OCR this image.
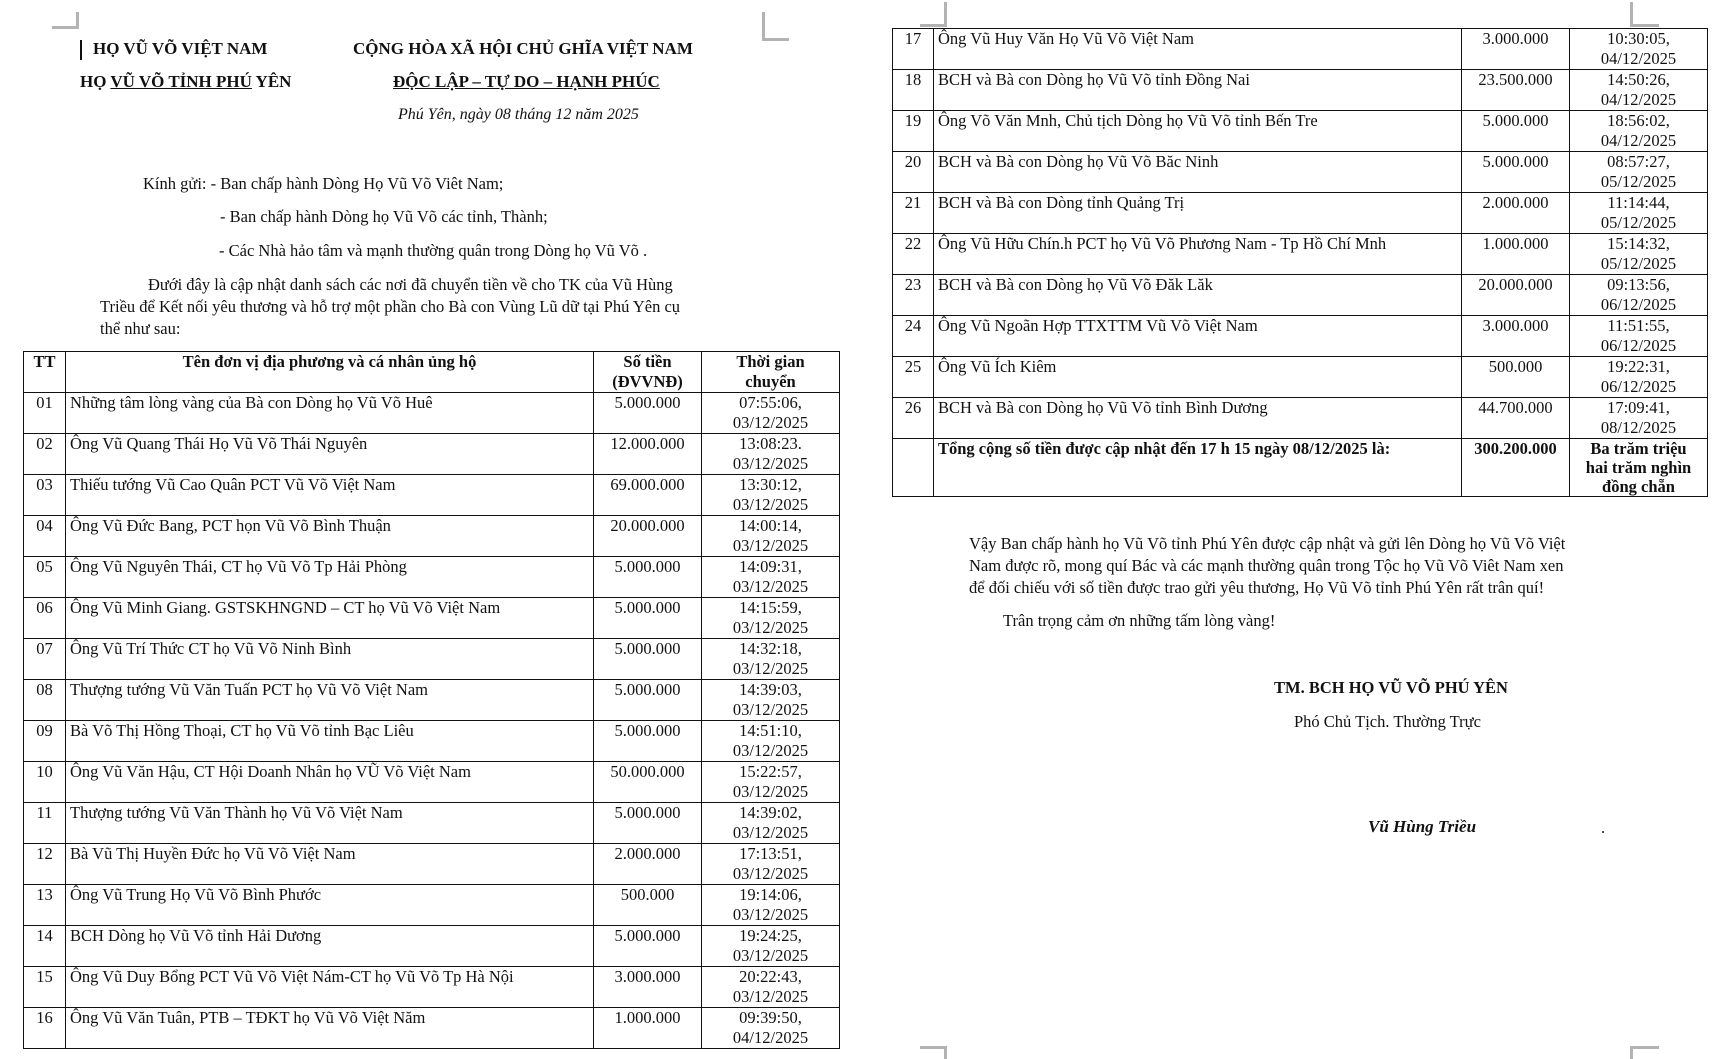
HỌ VŨ VÕ VIỆT NAM
HỌ VŨ VÕ TỈNH PHÚ YÊN
CỘNG HÒA XÃ HỘI CHỦ GHĨA VIỆT NAM
ĐỘC LẬP – TỰ DO – HẠNH PHÚC
Phú Yên, ngày 08 tháng 12 năm 2025
Kính gửi: - Ban chấp hành Dòng Họ Vũ Võ Viêt Nam;
- Ban chấp hành Dòng họ Vũ Võ các tỉnh, Thành;
- Các Nhà hảo tâm và mạnh thường quân trong Dòng họ Vũ Võ .
Đưới đây là cập nhật danh sách các nơi đã chuyển tiền về cho TK của Vũ Hùng
Triều để Kết nối yêu thương và hỗ trợ một phần cho Bà con Vùng Lũ dữ tại Phú Yên cụ
thể như sau:
TT	Tên đơn vị địa phương và cá nhân ủng hộ	Số tiền
(ĐVVNĐ)	Thời gian
chuyển
01	Những tâm lòng vàng của Bà con Dòng họ Vũ Võ Huê	5.000.000	07:55:06,
03/12/2025
02	Ông Vũ Quang Thái Họ Vũ Võ Thái Nguyên	12.000.000	13:08:23.
03/12/2025
03	Thiếu tướng Vũ Cao Quân PCT Vũ Võ Việt Nam	69.000.000	13:30:12,
03/12/2025
04	Ông Vũ Đức Bang, PCT họn Vũ Võ Bình Thuận	20.000.000	14:00:14,
03/12/2025
05	Ông Vũ Nguyên Thái, CT họ Vũ Võ Tp Hải Phòng	5.000.000	14:09:31,
03/12/2025
06	Ông Vũ Minh Giang. GSTSKHNGND – CT họ Vũ Võ Việt Nam	5.000.000	14:15:59,
03/12/2025
07	Ông Vũ Trí Thức CT họ Vũ Võ Ninh Bình	5.000.000	14:32:18,
03/12/2025
08	Thượng tướng Vũ Văn Tuấn PCT họ Vũ Võ Việt Nam	5.000.000	14:39:03,
03/12/2025
09	Bà Võ Thị Hồng Thoại, CT họ Vũ Võ tỉnh Bạc Liêu	5.000.000	14:51:10,
03/12/2025
10	Ông Vũ Văn Hậu, CT Hội Doanh Nhân họ VŨ Võ Việt Nam	50.000.000	15:22:57,
03/12/2025
11	Thượng tướng Vũ Văn Thành họ Vũ Võ Việt Nam	5.000.000	14:39:02,
03/12/2025
12	Bà Vũ Thị Huyền Đức họ Vũ Võ Việt Nam	2.000.000	17:13:51,
03/12/2025
13	Ông Vũ Trung Họ Vũ Võ Bình Phước	500.000	19:14:06,
03/12/2025
14	BCH Dòng họ Vũ Võ tỉnh Hải Dương	5.000.000	19:24:25,
03/12/2025
15	Ông Vũ Duy Bổng PCT Vũ Võ Việt Nám-CT họ Vũ Võ Tp Hà Nội	3.000.000	20:22:43,
03/12/2025
16	Ông Vũ Văn Tuân, PTB – TĐKT họ Vũ Võ Việt Năm	1.000.000	09:39:50,
04/12/2025
17	Ông Vũ Huy Văn Họ Vũ Võ Việt Nam	3.000.000	10:30:05,
04/12/2025
18	BCH và Bà con Dòng họ Vũ Võ tỉnh Đồng Nai	23.500.000	14:50:26,
04/12/2025
19	Ông Võ Văn Mnh, Chủ tịch Dòng họ Vũ Võ tỉnh Bến Tre	5.000.000	18:56:02,
04/12/2025
20	BCH và Bà con Dòng họ Vũ Võ Băc Ninh	5.000.000	08:57:27,
05/12/2025
21	BCH và Bà con Dòng tỉnh Quảng Trị	2.000.000	11:14:44,
05/12/2025
22	Ông Vũ Hữu Chín.h PCT họ Vũ Võ Phương Nam - Tp Hồ Chí Mnh	1.000.000	15:14:32,
05/12/2025
23	BCH và Bà con Dòng họ Vũ Võ Đăk Lăk	20.000.000	09:13:56,
06/12/2025
24	Ông Vũ Ngoãn Hợp TTXTTM Vũ Võ Việt Nam	3.000.000	11:51:55,
06/12/2025
25	Ông Vũ Ích Kiêm	500.000	19:22:31,
06/12/2025
26	BCH và Bà con Dòng họ Vũ Võ tỉnh Bình Dương	44.700.000	17:09:41,
08/12/2025
	Tổng cộng số tiền được cập nhật đến 17 h 15 ngày 08/12/2025 là:	300.200.000	Ba trăm triệu
hai trăm nghìn
đồng chẵn
Vậy Ban chấp hành họ Vũ Võ tỉnh Phú Yên được cập nhật và gửi lên Dòng họ Vũ Võ Việt
Nam được rõ, mong quí Bác và các mạnh thường quân trong Tộc họ Vũ Võ Viêt Nam xen
để đối chiếu với số tiền được trao gửi yêu thương, Họ Vũ Võ tỉnh Phú Yên rất trân quí!
Trân trọng cảm ơn những tấm lòng vàng!
TM. BCH HỌ VŨ VÕ PHÚ YÊN
Phó Chủ Tịch. Thường Trực
Vũ Hùng Triều	.
